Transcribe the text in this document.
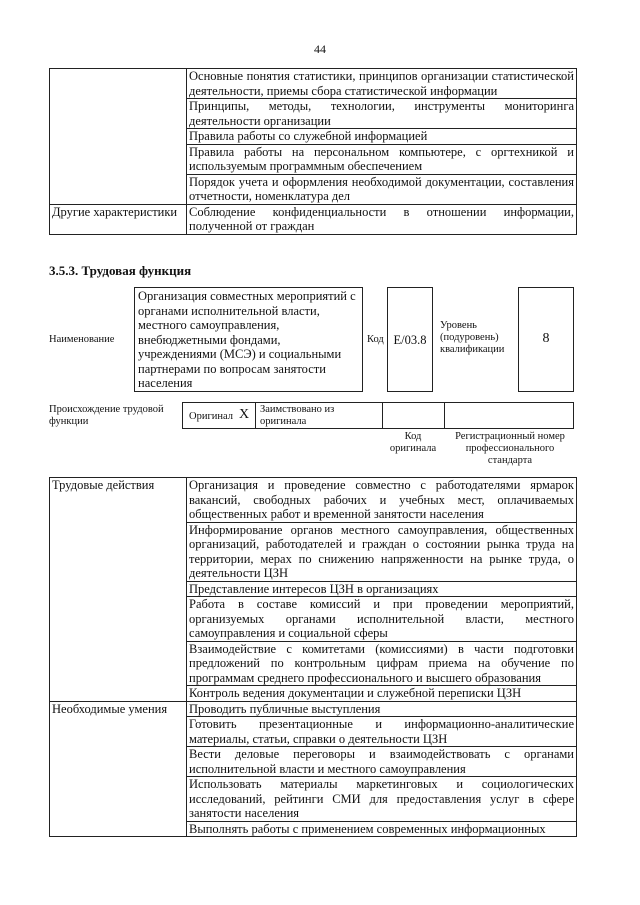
44
	Основные понятия статистики, принципов организации статистической деятельности, приемы сбора статистической информации
	Принципы, методы, технологии, инструменты мониторинга деятельности организации
	Правила работы со служебной информацией
	Правила работы на персональном компьютере, с оргтехникой и используемым программным обеспечением
	Порядок учета и оформления необходимой документации, составления отчетности, номенклатура дел
Другие характеристики	Соблюдение конфиденциальности в отношении информации, полученной от граждан
3.5.3. Трудовая функция
Наименование
Организация совместных мероприятий с органами исполнительной власти, местного самоуправления, внебюджетными фондами, учреждениями (МСЭ) и социальными партнерами по вопросам занятости населения
Код E/03.8
Уровень (подуровень) квалификации
8
Происхождение трудовой функции	Оригинал X Заимствовано из оригинала
Код оригинала
Регистрационный номер профессионального стандарта
Трудовые действия	Организация и проведение совместно с работодателями ярмарок вакансий, свободных рабочих и учебных мест, оплачиваемых общественных работ и временной занятости населения
	Информирование органов местного самоуправления, общественных организаций, работодателей и граждан о состоянии рынка труда на территории, мерах по снижению напряженности на рынке труда, о деятельности ЦЗН
	Представление интересов ЦЗН в организациях
	Работа в составе комиссий и при проведении мероприятий, организуемых органами исполнительной власти, местного самоуправления и социальной сферы
	Взаимодействие с комитетами (комиссиями) в части подготовки предложений по контрольным цифрам приема на обучение по программам среднего профессионального и высшего образования
	Контроль ведения документации и служебной переписки ЦЗН
Необходимые умения	Проводить публичные выступления
	Готовить презентационные и информационно-аналитические материалы, статьи, справки о деятельности ЦЗН
	Вести деловые переговоры и взаимодействовать с органами исполнительной власти и местного самоуправления
	Использовать материалы маркетинговых и социологических исследований, рейтинги СМИ для предоставления услуг в сфере занятости населения
	Выполнять работы с применением современных информационных
